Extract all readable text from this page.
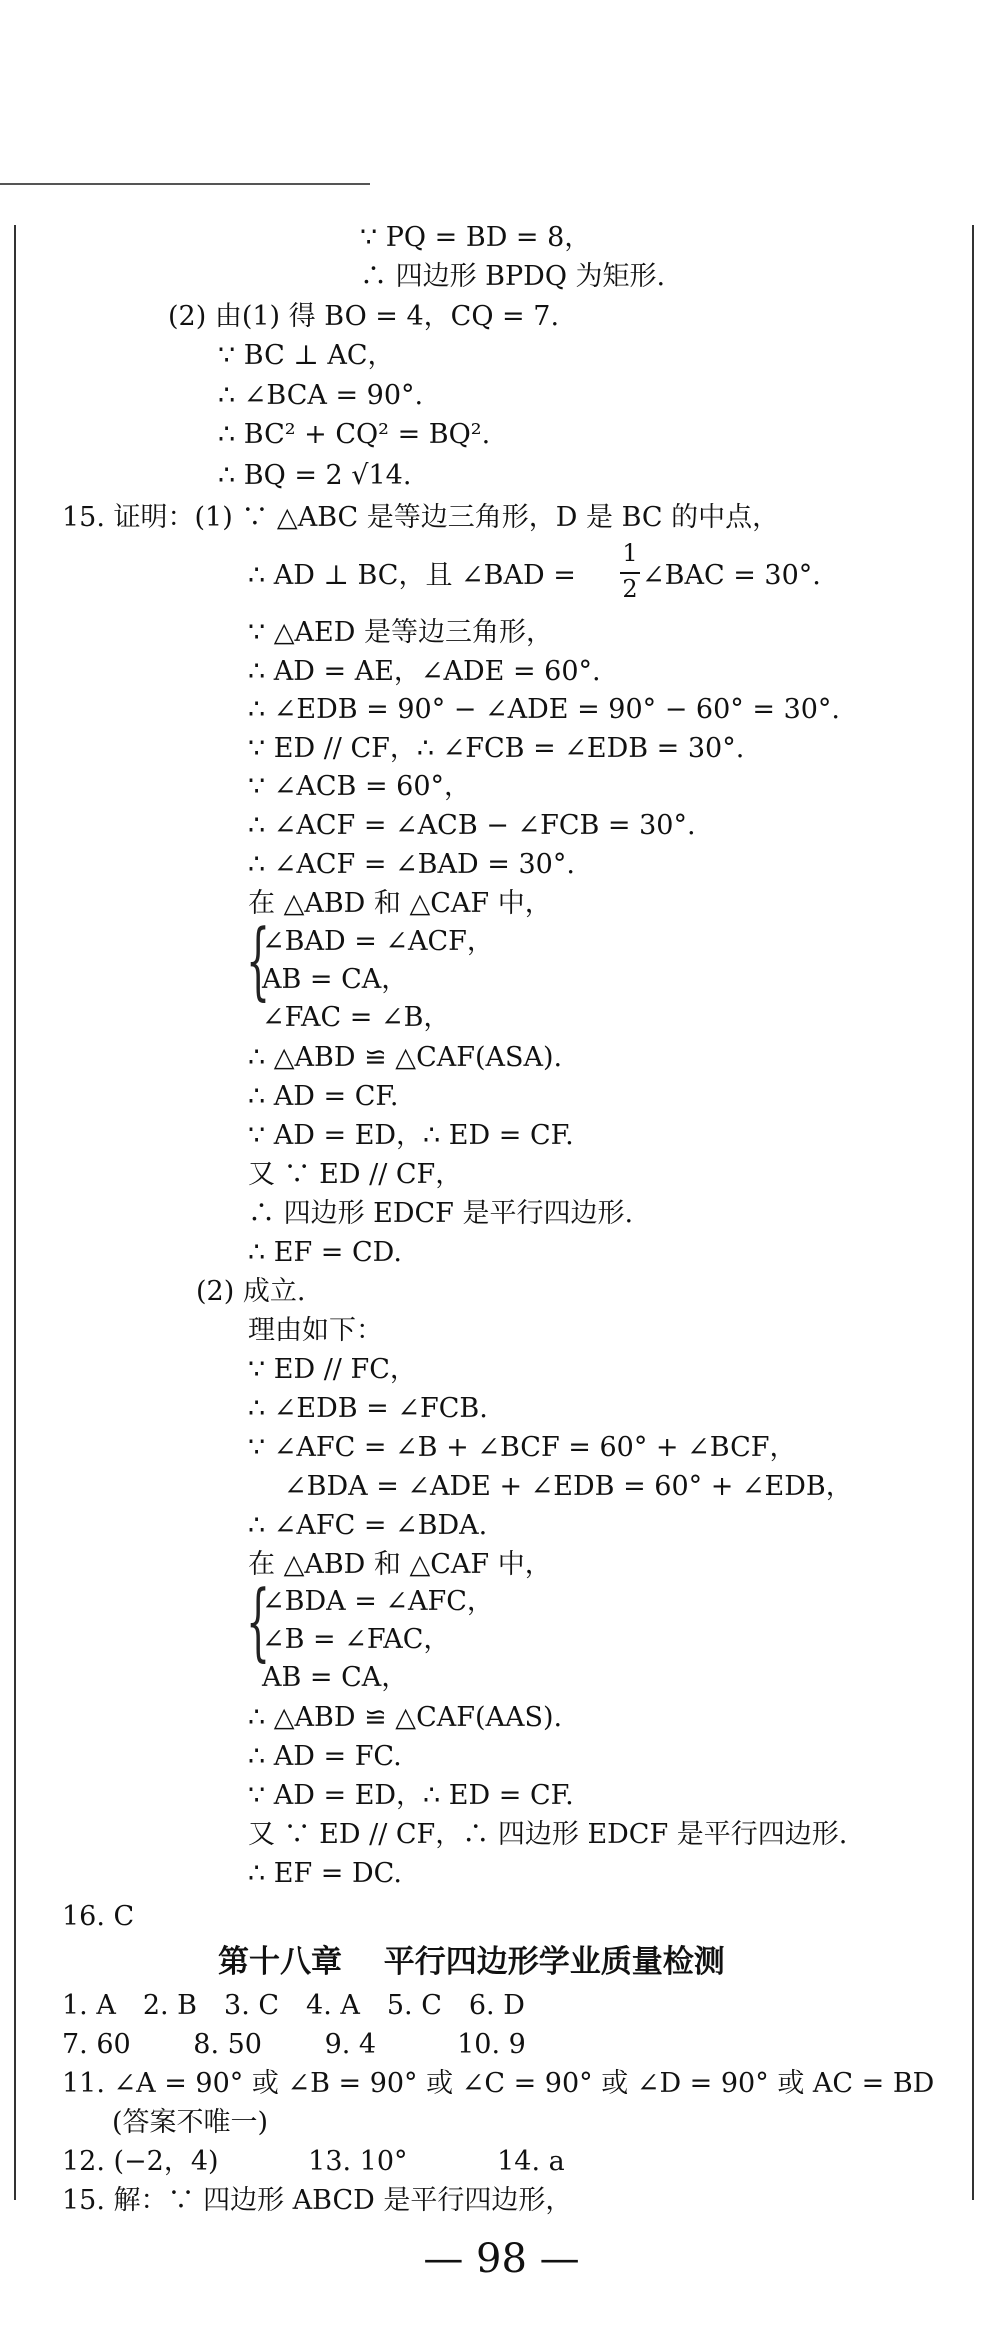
∵ PQ = BD = 8，
∴ 四边形 BPDQ 为矩形.
(2) 由(1) 得 BO = 4，CQ = 7.
∵ BC ⊥ AC，
∴ ∠BCA = 90°.
∴ BC² + CQ² = BQ².
∴ BQ = 2 √14.
15. 证明：(1) ∵ △ABC 是等边三角形，D 是 BC 的中点，
∴ AD ⊥ BC，且 ∠BAD =
1
2 ∠BAC = 30°.
∵ △AED 是等边三角形，
∴ AD = AE，∠ADE = 60°.
∴ ∠EDB = 90° − ∠ADE = 90° − 60° = 30°.
∵ ED // CF，∴ ∠FCB = ∠EDB = 30°.
∵ ∠ACB = 60°，
∴ ∠ACF = ∠ACB − ∠FCB = 30°.
∴ ∠ACF = ∠BAD = 30°.
在 △ABD 和 △CAF 中，
{
∠BAD = ∠ACF，
AB = CA，
∠FAC = ∠B，
∴ △ABD ≌ △CAF(ASA).
∴ AD = CF.
∵ AD = ED，∴ ED = CF.
又 ∵ ED // CF，
∴ 四边形 EDCF 是平行四边形.
∴ EF = CD.
(2) 成立.
理由如下：
∵ ED // FC，
∴ ∠EDB = ∠FCB.
∵ ∠AFC = ∠B + ∠BCF = 60° + ∠BCF，
∠BDA = ∠ADE + ∠EDB = 60° + ∠EDB，
∴ ∠AFC = ∠BDA.
在 △ABD 和 △CAF 中，
{
∠BDA = ∠AFC，
∠B = ∠FAC，
AB = CA，
∴ △ABD ≌ △CAF(AAS).
∴ AD = FC.
∵ AD = ED，∴ ED = CF.
又 ∵ ED // CF，∴ 四边形 EDCF 是平行四边形.
∴ EF = DC.
16. C
第十八章　 平行四边形学业质量检测
1. A　2. B　3. C　4. A　5. C　6. D
7. 60　　 8. 50　　 9. 4　　　10. 9
11. ∠A = 90° 或 ∠B = 90° 或 ∠C = 90° 或 ∠D = 90° 或 AC = BD
(答案不唯一)
12. (−2，4)　　　 13. 10°　　　 14. a
15. 解：∵ 四边形 ABCD 是平行四边形，
— 98 —
